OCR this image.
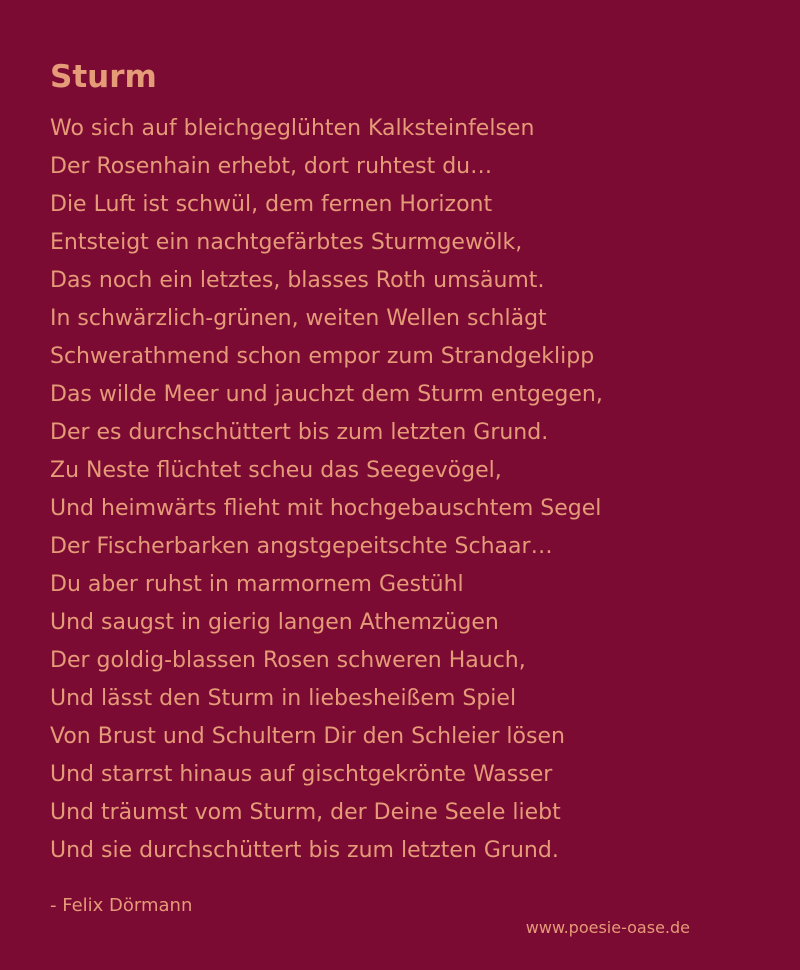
Sturm
Wo sich auf bleichgeglühten Kalksteinfelsen
Der Rosenhain erhebt, dort ruhtest du…
Die Luft ist schwül, dem fernen Horizont
Entsteigt ein nachtgefärbtes Sturmgewölk,
Das noch ein letztes, blasses Roth umsäumt.
In schwärzlich-grünen, weiten Wellen schlägt
Schwerathmend schon empor zum Strandgeklipp
Das wilde Meer und jauchzt dem Sturm entgegen,
Der es durchschüttert bis zum letzten Grund.
Zu Neste flüchtet scheu das Seegevögel,
Und heimwärts flieht mit hochgebauschtem Segel
Der Fischerbarken angstgepeitschte Schaar…
Du aber ruhst in marmornem Gestühl
Und saugst in gierig langen Athemzügen
Der goldig-blassen Rosen schweren Hauch,
Und lässt den Sturm in liebesheißem Spiel
Von Brust und Schultern Dir den Schleier lösen
Und starrst hinaus auf gischtgekrönte Wasser
Und träumst vom Sturm, der Deine Seele liebt
Und sie durchschüttert bis zum letzten Grund.
- Felix Dörmann
www.poesie-oase.de
